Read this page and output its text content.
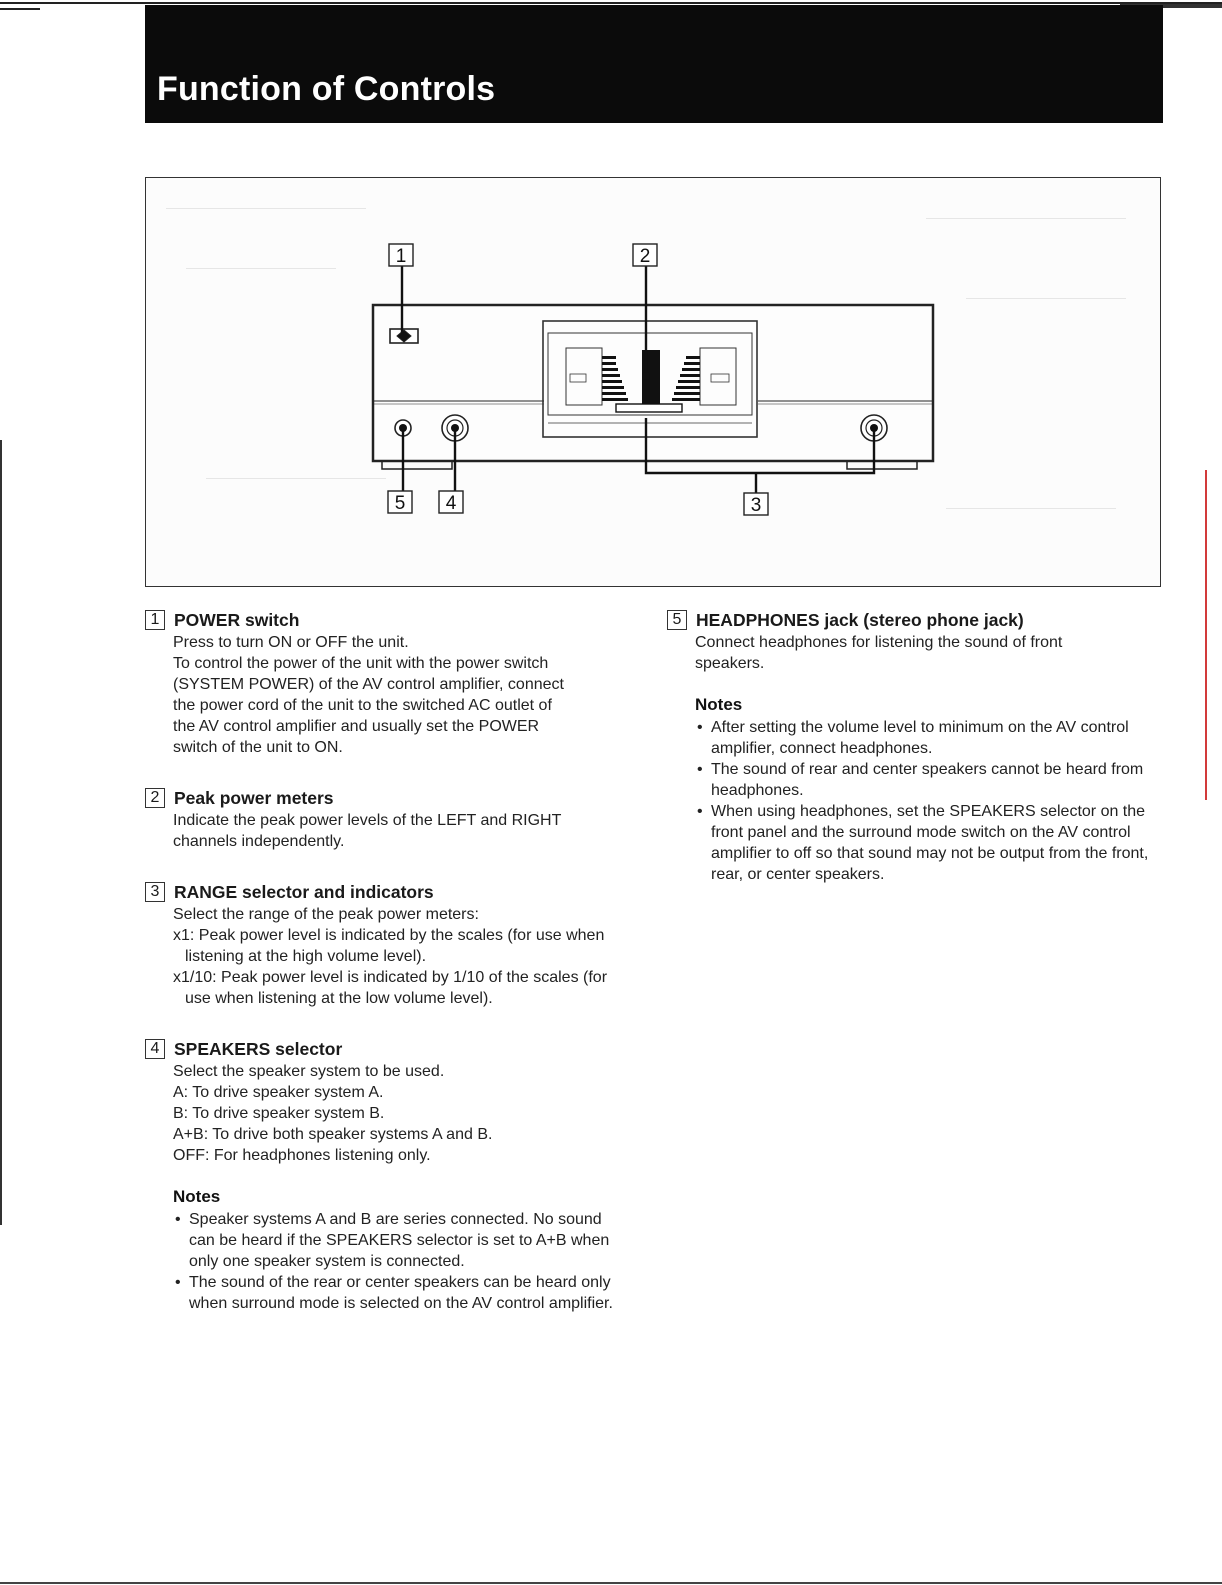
Function of Controls
1	2
3
4
5
1 POWER switch
Press to turn ON or OFF the unit.
To control the power of the unit with the power switch
(SYSTEM POWER) of the AV control amplifier, connect
the power cord of the unit to the switched AC outlet of
the AV control amplifier and usually set the POWER
switch of the unit to ON.
2 Peak power meters
Indicate the peak power levels of the LEFT and RIGHT
channels independently.
3 RANGE selector and indicators
Select the range of the peak power meters:
x1: Peak power level is indicated by the scales (for use when listening at the high volume level).
x1/10: Peak power level is indicated by 1/10 of the scales (for use when listening at the low volume level).
4 SPEAKERS selector
Select the speaker system to be used.
A: To drive speaker system A.
B: To drive speaker system B.
A+B: To drive both speaker systems A and B.
OFF: For headphones listening only.
Notes
• Speaker systems A and B are series connected. No sound can be heard if the SPEAKERS selector is set to A+B when only one speaker system is connected.
• The sound of the rear or center speakers can be heard only when surround mode is selected on the AV control amplifier.
5 HEADPHONES jack (stereo phone jack)
Connect headphones for listening the sound of front
speakers.
Notes
• After setting the volume level to minimum on the AV control amplifier, connect headphones.
• The sound of rear and center speakers cannot be heard from headphones.
• When using headphones, set the SPEAKERS selector on the front panel and the surround mode switch on the AV control amplifier to off so that sound may not be output from the front, rear, or center speakers.
